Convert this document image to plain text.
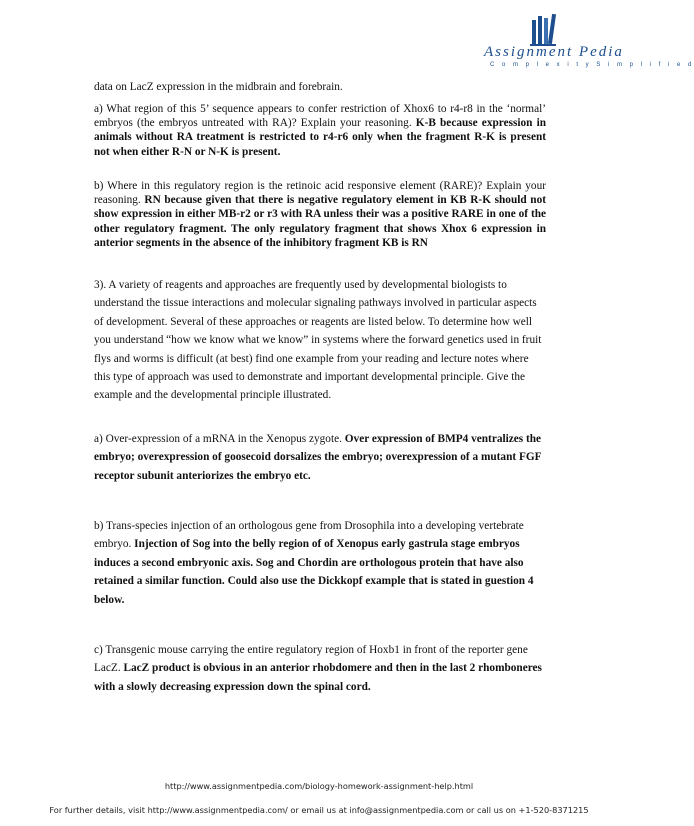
Assignment Pedia
C o m p l e x i t y S i m p l i f i e d

data on LacZ expression in the midbrain and forebrain.

a) What region of this 5’ sequence appears to confer restriction of Xhox6 to r4-r8 in the ‘normal’ embryos (the embryos untreated with RA)? Explain your reasoning. K-B because expression in animals without RA treatment is restricted to r4-r6 only when the fragment R-K is present not when either R-N or N-K is present.

b) Where in this regulatory region is the retinoic acid responsive element (RARE)? Explain your reasoning. RN because given that there is negative regulatory element in KB R-K should not show expression in either MB-r2 or r3 with RA unless their was a positive RARE in one of the other regulatory fragment. The only regulatory fragment that shows Xhox 6 expression in anterior segments in the absence of the inhibitory fragment KB is RN

3). A variety of reagents and approaches are frequently used by developmental biologists to understand the tissue interactions and molecular signaling pathways involved in particular aspects of development. Several of these approaches or reagents are listed below. To determine how well you understand “how we know what we know” in systems where the forward genetics used in fruit flys and worms is difficult (at best) find one example from your reading and lecture notes where this type of approach was used to demonstrate and important developmental principle. Give the example and the developmental principle illustrated.

a) Over-expression of a mRNA in the Xenopus zygote. Over expression of BMP4 ventralizes the embryo; overexpression of goosecoid dorsalizes the embryo; overexpression of a mutant FGF receptor subunit anteriorizes the embryo etc.

b) Trans-species injection of an orthologous gene from Drosophila into a developing vertebrate embryo. Injection of Sog into the belly region of of Xenopus early gastrula stage embryos induces a second embryonic axis. Sog and Chordin are orthologous protein that have also retained a similar function. Could also use the Dickkopf example that is stated in guestion 4 below.

c) Transgenic mouse carrying the entire regulatory region of Hoxb1 in front of the reporter gene LacZ. LacZ product is obvious in an anterior rhobdomere and then in the last 2 rhomboneres with a slowly decreasing expression down the spinal cord.

http://www.assignmentpedia.com/biology-homework-assignment-help.html
For further details, visit http://www.assignmentpedia.com/ or email us at info@assignmentpedia.com or call us on +1-520-8371215
